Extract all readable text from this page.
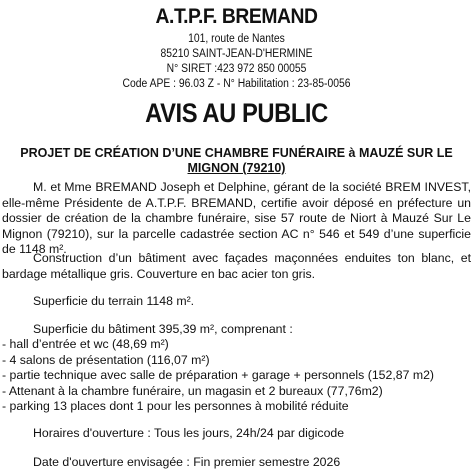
A.T.P.F. BREMAND
101, route de Nantes
85210 SAINT-JEAN-D'HERMINE
N° SIRET :423 972 850 00055
Code APE : 96.03 Z - N° Habilitation : 23-85-0056
AVIS AU PUBLIC
PROJET DE CRÉATION D’UNE CHAMBRE FUNÉRAIRE à MAUZÉ SUR LE
MIGNON (79210)
M. et Mme BREMAND Joseph et Delphine, gérant de la société BREM INVEST, elle-même Présidente de A.T.P.F. BREMAND, certifie avoir déposé en préfecture un dossier de création de la chambre funéraire, sise 57 route de Niort à Mauzé Sur Le Mignon (79210), sur la parcelle cadastrée section AC n° 546 et 549 d’une superficie de 1148 m².
Construction d’un bâtiment avec façades maçonnées enduites ton blanc, et bardage métallique gris. Couverture en bac acier ton gris.
Superficie du terrain 1148 m².
Superficie du bâtiment 395,39 m², comprenant :
- hall d’entrée et wc (48,69 m²)
- 4 salons de présentation (116,07 m²)
- partie technique avec salle de préparation + garage + personnels (152,87 m2)
- Attenant à la chambre funéraire, un magasin et 2 bureaux (77,76m2)
- parking 13 places dont 1 pour les personnes à mobilité réduite
Horaires d'ouverture : Tous les jours, 24h/24 par digicode
Date d'ouverture envisagée : Fin premier semestre 2026
